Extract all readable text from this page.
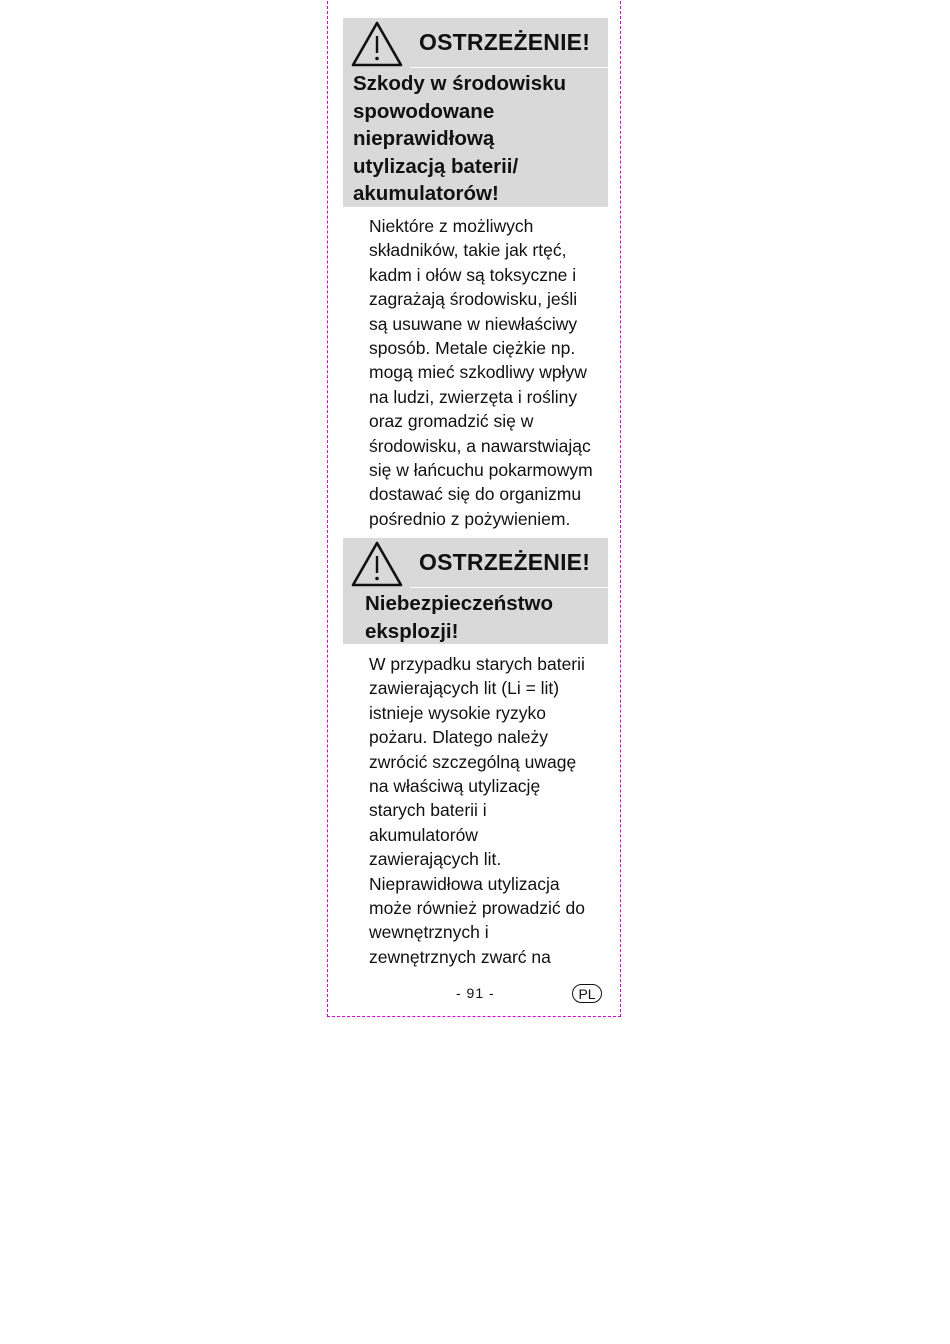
OSTRZEŻENIE!
Szkody w środowisku
spowodowane
nieprawidłową
utylizacją baterii/
akumulatorów!
Niektóre z możliwych
składników, takie jak rtęć,
kadm i ołów są toksyczne i
zagrażają środowisku, jeśli
są usuwane w niewłaściwy
sposób. Metale ciężkie np.
mogą mieć szkodliwy wpływ
na ludzi, zwierzęta i rośliny
oraz gromadzić się w
środowisku, a nawarstwiając
się w łańcuchu pokarmowym
dostawać się do organizmu
pośrednio z pożywieniem.
OSTRZEŻENIE!
Niebezpieczeństwo
eksplozji!
W przypadku starych baterii
zawierających lit (Li = lit)
istnieje wysokie ryzyko
pożaru. Dlatego należy
zwrócić szczególną uwagę
na właściwą utylizację
starych baterii i
akumulatorów
zawierających lit.
Nieprawidłowa utylizacja
może również prowadzić do
wewnętrznych i
zewnętrznych zwarć na
- 91 -	PL
